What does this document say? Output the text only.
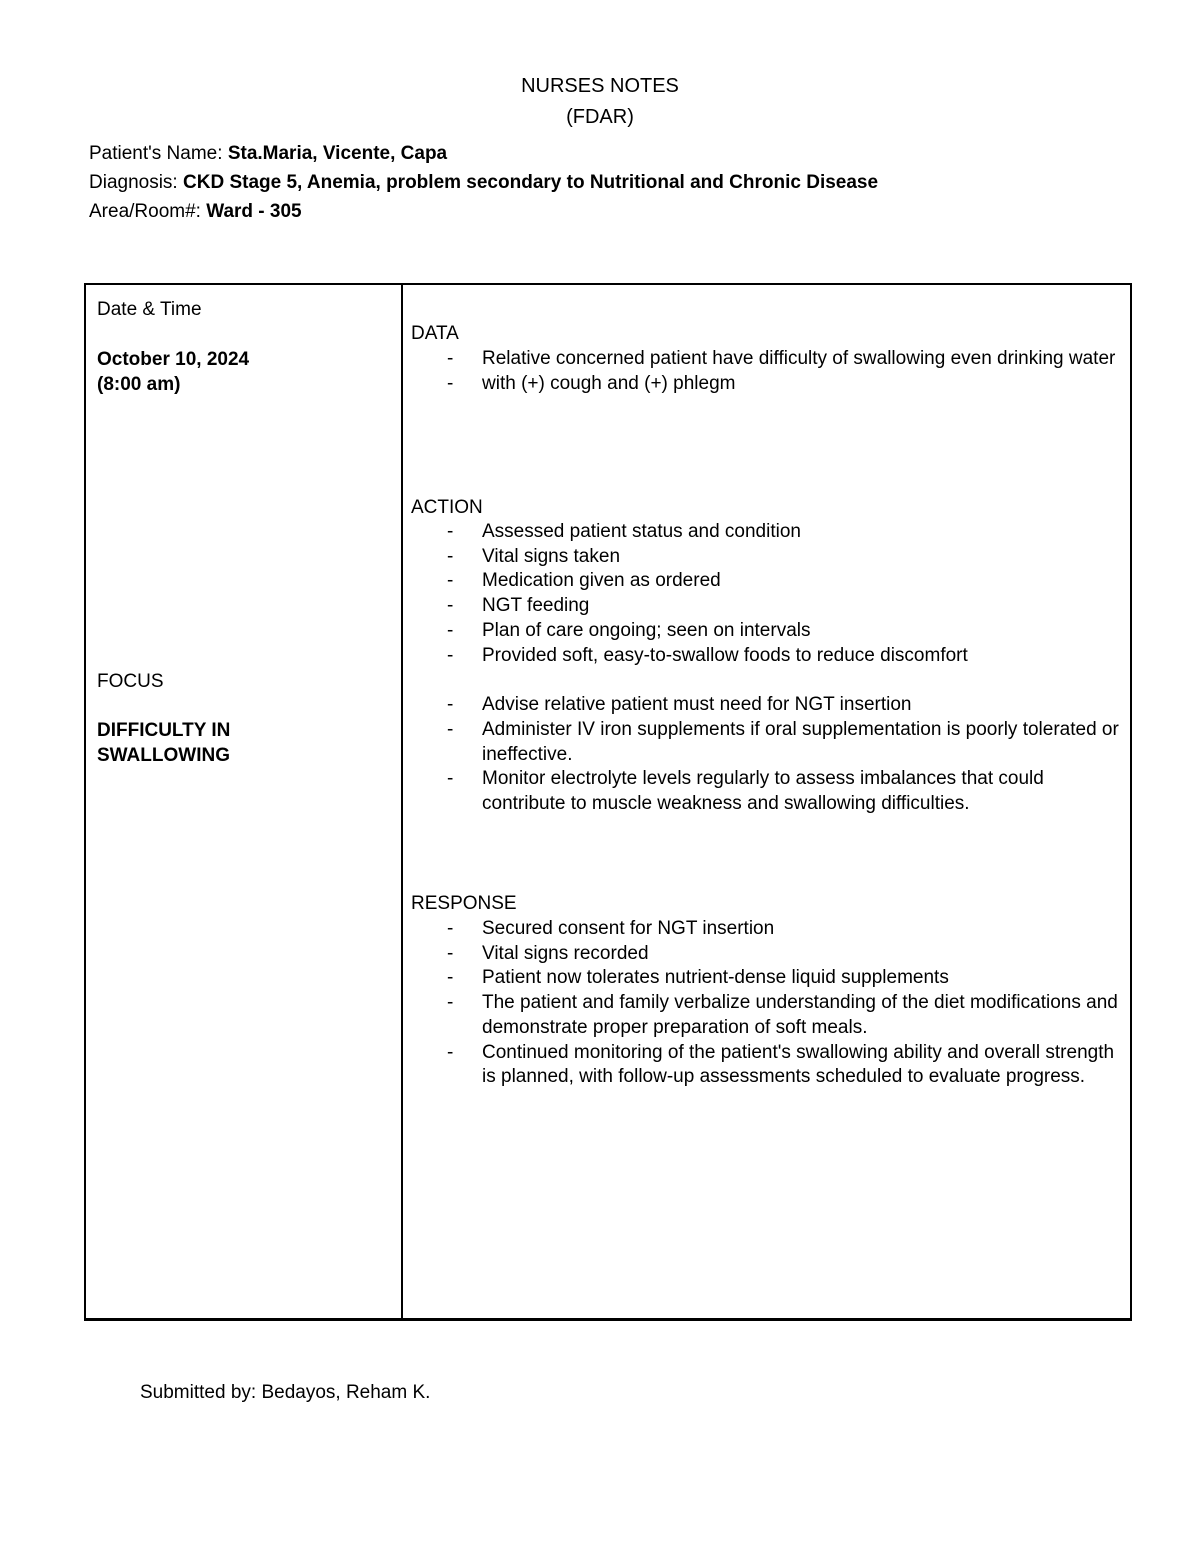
NURSES NOTES
(FDAR)
Patient's Name: Sta.Maria, Vicente, Capa
Diagnosis: CKD Stage 5, Anemia, problem secondary to Nutritional and Chronic Disease
Area/Room#: Ward - 305
Date & Time
October 10, 2024
(8:00 am)
FOCUS
DIFFICULTY IN
SWALLOWING
DATA
- Relative concerned patient have difficulty of swallowing even drinking water
- with (+) cough and (+) phlegm
ACTION
- Assessed patient status and condition
- Vital signs taken
- Medication given as ordered
- NGT feeding
- Plan of care ongoing; seen on intervals
- Provided soft, easy-to-swallow foods to reduce discomfort
- Advise relative patient must need for NGT insertion
- Administer IV iron supplements if oral supplementation is poorly tolerated or ineffective.
- Monitor electrolyte levels regularly to assess imbalances that could contribute to muscle weakness and swallowing difficulties.
RESPONSE
- Secured consent for NGT insertion
- Vital signs recorded
- Patient now tolerates nutrient-dense liquid supplements
- The patient and family verbalize understanding of the diet modifications and demonstrate proper preparation of soft meals.
- Continued monitoring of the patient's swallowing ability and overall strength is planned, with follow-up assessments scheduled to evaluate progress.
Submitted by: Bedayos, Reham K.
